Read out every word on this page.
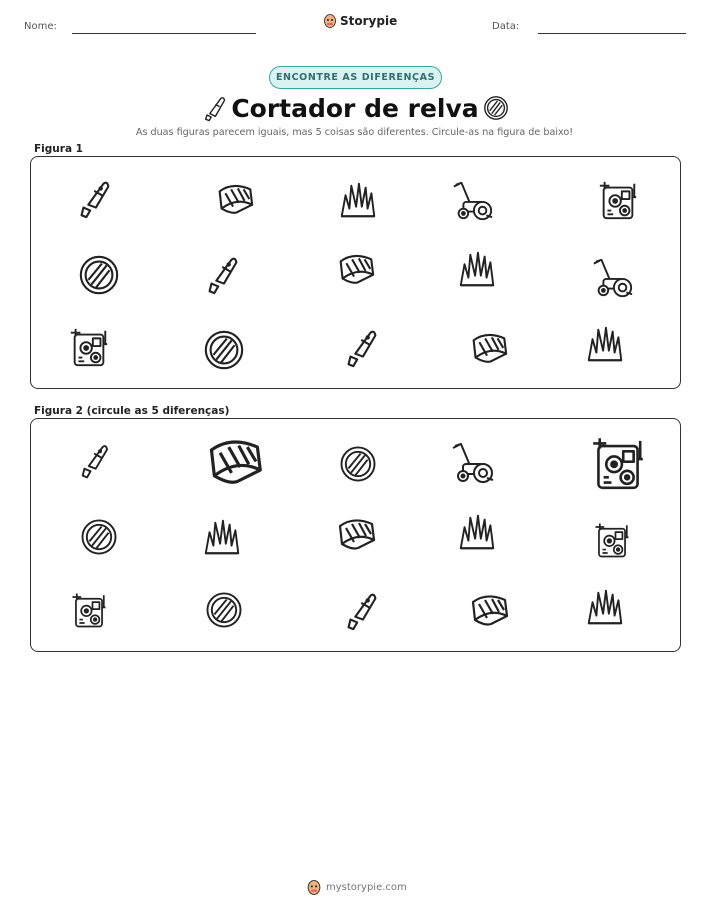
Nome:	Storypie	Data:
ENCONTRE AS DIFERENÇAS
Cortador de relva
As duas figuras parecem iguais, mas 5 coisas são diferentes. Circule-as na figura de baixo!
Figura 1
Figura 2 (circule as 5 diferenças)
mystorypie.com
